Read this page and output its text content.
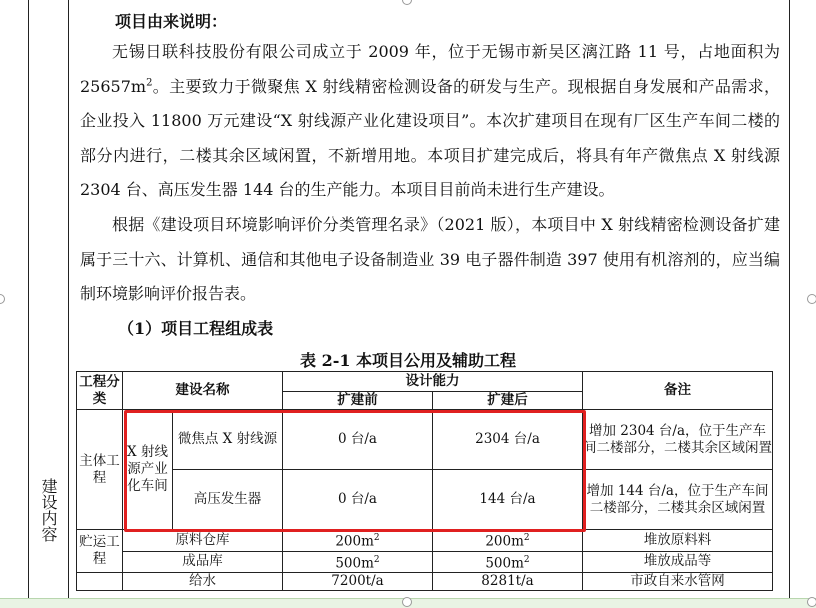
建设内容
项目由来说明：

无锡日联科技股份有限公司成立于 2009 年，位于无锡市新吴区漓江路 11 号，占地面积为 $25657m^2$。主要致力于微聚焦 X 射线精密检测设备的研发与生产。现根据自身发展和产品需求，企业投入 11800 万元建设“X 射线源产业化建设项目”。本次扩建项目在现有厂区生产车间二楼的部分内进行，二楼其余区域闲置，不新增用地。本项目扩建完成后，将具有年产微焦点 X 射线源 2304 台、高压发生器 144 台的生产能力。本项目目前尚未进行生产建设。

根据《建设项目环境影响评价分类管理名录》（2021 版），本项目中 X 射线精密检测设备扩建属于三十六、计算机、通信和其他电子设备制造业 39 电子器件制造 397 使用有机溶剂的，应当编制环境影响评价报告表。

（1）项目工程组成表
表 2-1 本项目公用及辅助工程
工程分类	建设名称		设计能力		备注
			扩建前	扩建后	
主体工程	X 射线源产业化车间	微焦点 X 射线源	0 台/a	2304 台/a	增加 2304 台/a，位于生产车间二楼部分，二楼其余区域闲置
		高压发生器	0 台/a	144 台/a	增加 144 台/a，位于生产车间二楼部分，二楼其余区域闲置
贮运工程	原料仓库		$200m^2$	$200m^2$	堆放原料料
	成品库		$500m^2$	$500m^2$	堆放成品等
	给水		7200t/a	8281t/a	市政自来水管网
